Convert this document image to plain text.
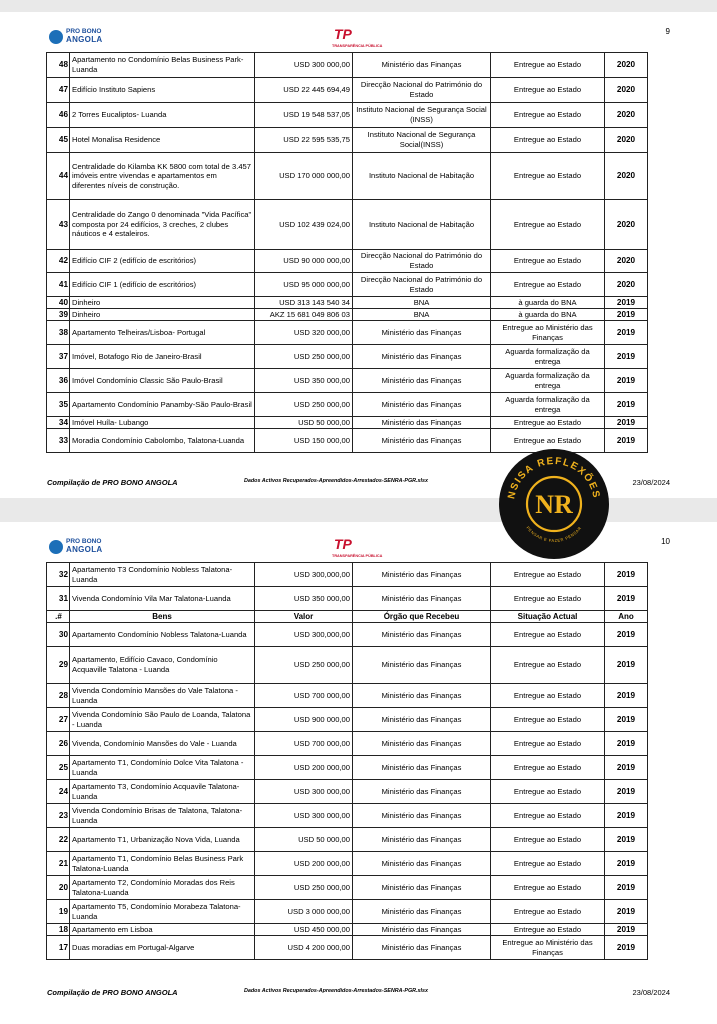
PRO BONO
ANGOLA	TP
TRANSPARÊNCIA PÚBLICA
9
48	Apartamento no Condomínio Belas Business Park-Luanda	USD 300 000,00	Ministério das Finanças	Entregue ao Estado	2020
47	Edifício Instituto Sapiens	USD 22 445 694,49	Direcção Nacional do Património do Estado	Entregue ao Estado	2020
46	2 Torres Eucaliptos- Luanda	USD 19 548 537,05	Instituto Nacional de Segurança Social (INSS)	Entregue ao Estado	2020
45	Hotel Monalisa Residence	USD 22 595 535,75	Instituto Nacional de Segurança Social(INSS)	Entregue ao Estado	2020
44	Centralidade do Kilamba KK 5800 com total de 3.457 imóveis entre vivendas e apartamentos em diferentes níveis de construção.	USD 170 000 000,00	Instituto Nacional de Habitação	Entregue ao Estado	2020
43	Centralidade do Zango 0 denominada "Vida Pacífica" composta por 24 edifícios, 3 creches, 2 clubes náuticos e 4 estaleiros.	USD 102 439 024,00	Instituto Nacional de Habitação	Entregue ao Estado	2020
42	Edifício CIF 2 (edifício de escritórios)	USD 90 000 000,00	Direcção Nacional do Património do Estado	Entregue ao Estado	2020
41	Edifício CIF 1 (edifício de escritórios)	USD 95 000 000,00	Direcção Nacional do Património do Estado	Entregue ao Estado	2020
40	Dinheiro	USD 313 143 540 34	BNA	à guarda do BNA	2019
39	Dinheiro	AKZ 15 681 049 806 03	BNA	à guarda do BNA	2019
38	Apartamento Telheiras/Lisboa- Portugal	USD 320 000,00	Ministério das Finanças	Entregue ao Ministério das Finanças	2019
37	Imóvel, Botafogo Rio de Janeiro-Brasil	USD 250 000,00	Ministério das Finanças	Aguarda formalização da entrega	2019
36	Imóvel Condomínio Classic São Paulo-Brasil	USD 350 000,00	Ministério das Finanças	Aguarda formalização da entrega	2019
35	Apartamento Condomínio Panamby-São Paulo-Brasil	USD 250 000,00	Ministério das Finanças	Aguarda formalização da entrega	2019
34	Imóvel Huíla- Lubango	USD 50 000,00	Ministério das Finanças	Entregue ao Estado	2019
33	Moradia Condomínio Cabolombo, Talatona-Luanda	USD 150 000,00	Ministério das Finanças	Entregue ao Estado	2019
Compilação de PRO BONO ANGOLA	Dados Activos Recuperados-Apreendidos-Arrestados-SENRA-PGR.xlsx	23/08/2024
PRO BONO
ANGOLA	TP
TRANSPARÊNCIA PÚBLICA
10
32	Apartamento T3 Condomínio Nobless Talatona-Luanda	USD 300,000,00	Ministério das Finanças	Entregue ao Estado	2019
31	Vivenda Condomínio Vila Mar Talatona-Luanda	USD 350 000,00	Ministério das Finanças	Entregue ao Estado	2019
.#	Bens	Valor	Órgão que Recebeu	Situação Actual	Ano
30	Apartamento Condomínio Nobless Talatona-Luanda	USD 300,000,00	Ministério das Finanças	Entregue ao Estado	2019
29	Apartamento, Edifício Cavaco, Condomínio Acquaville Talatona - Luanda	USD 250 000,00	Ministério das Finanças	Entregue ao Estado	2019
28	Vivenda Condomínio Mansões do Vale Talatona - Luanda	USD 700 000,00	Ministério das Finanças	Entregue ao Estado	2019
27	Vivenda Condomínio São Paulo de Loanda, Talatona - Luanda	USD 900 000,00	Ministério das Finanças	Entregue ao Estado	2019
26	Vivenda, Condomínio Mansões do Vale - Luanda	USD 700 000,00	Ministério das Finanças	Entregue ao Estado	2019
25	Apartamento T1, Condomínio Dolce Vita Talatona - Luanda	USD 200 000,00	Ministério das Finanças	Entregue ao Estado	2019
24	Apartamento T3, Condomínio Acquavile Talatona-Luanda	USD 300 000,00	Ministério das Finanças	Entregue ao Estado	2019
23	Vivenda Condomínio Brisas de Talatona, Talatona-Luanda	USD 300 000,00	Ministério das Finanças	Entregue ao Estado	2019
22	Apartamento T1, Urbanização Nova Vida, Luanda	USD 50 000,00	Ministério das Finanças	Entregue ao Estado	2019
21	Apartamento T1, Condomínio Belas Business Park Talatona-Luanda	USD 200 000,00	Ministério das Finanças	Entregue ao Estado	2019
20	Apartamento T2, Condomínio Moradas dos Reis Talatona-Luanda	USD 250 000,00	Ministério das Finanças	Entregue ao Estado	2019
19	Apartamento T5, Condomínio Morabeza Talatona-Luanda	USD 3 000 000,00	Ministério das Finanças	Entregue ao Estado	2019
18	Apartamento em Lisboa	USD 450 000,00	Ministério das Finanças	Entregue ao Estado	2019
17	Duas moradias em Portugal-Algarve	USD 4 200 000,00	Ministério das Finanças	Entregue ao Ministério das Finanças	2019
Compilação de PRO BONO ANGOLA	Dados Activos Recuperados-Apreendidos-Arrestados-SENRA-PGR.xlsx	23/08/2024
NSISA REFLEXÕES
PENSAR E FAZER PENSAR
NR
